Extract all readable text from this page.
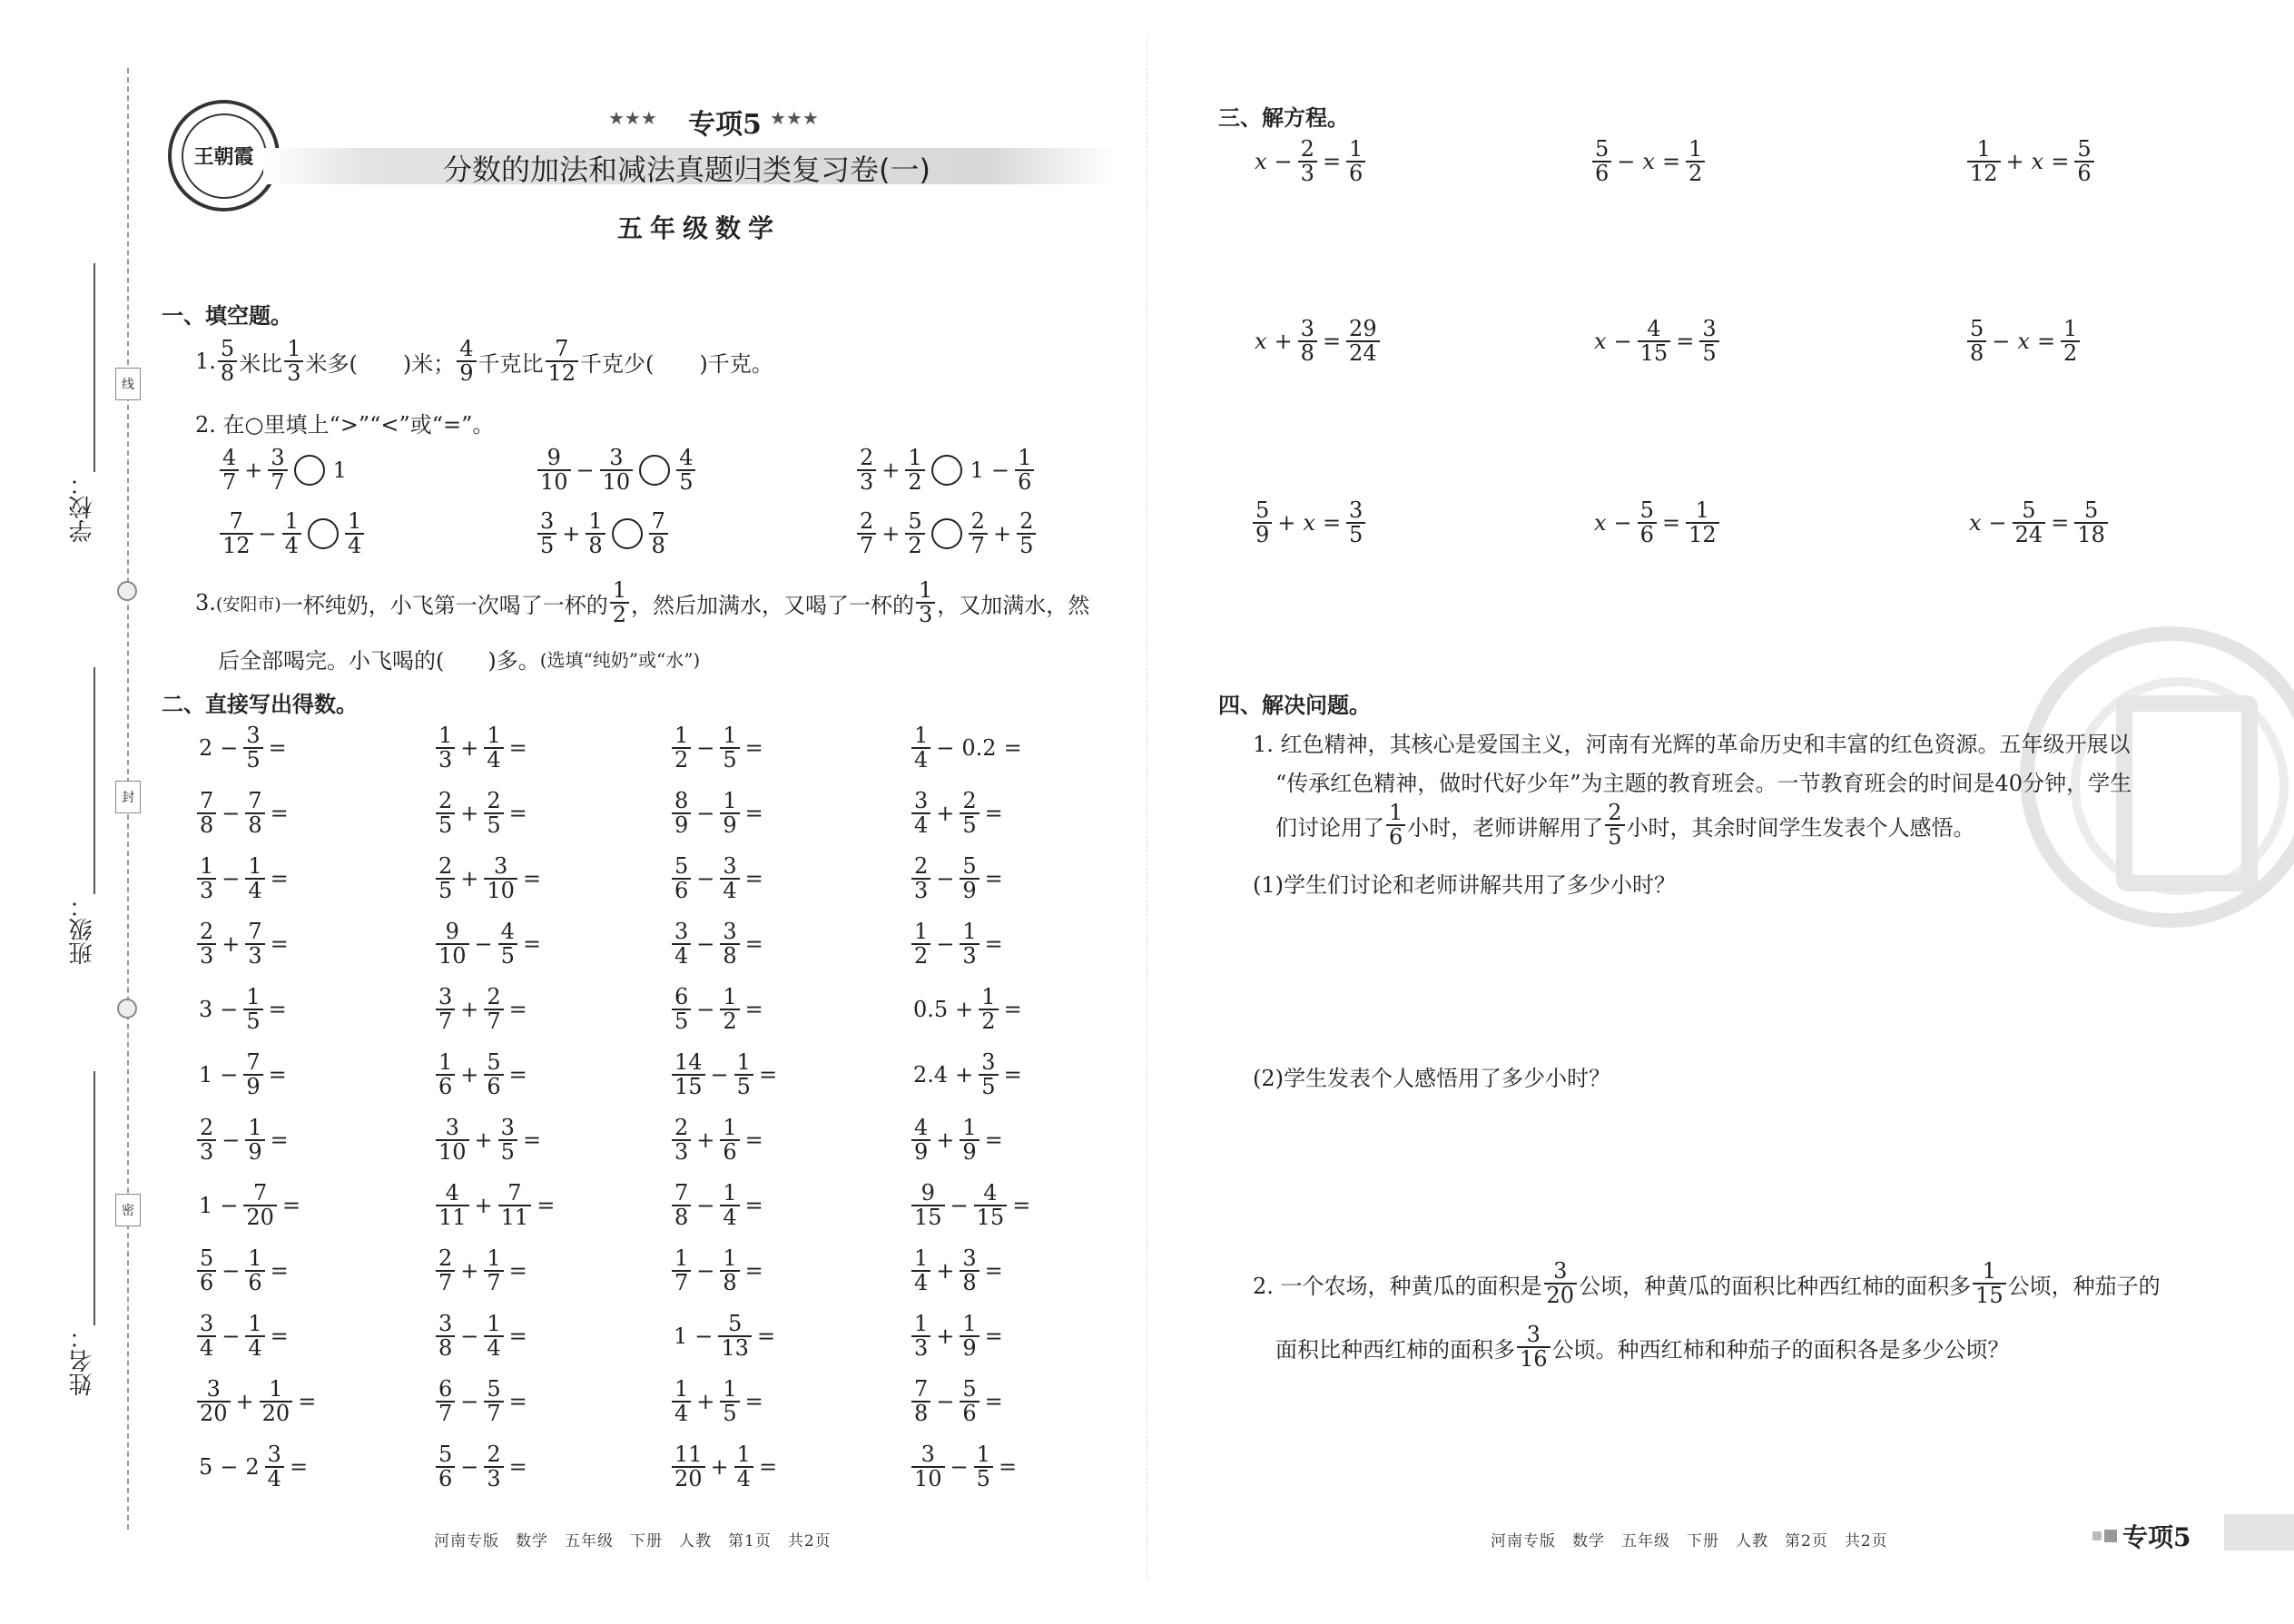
学校：
班级：
姓名：
线
封
密
王朝霞
★★★ 专项5 ★★★
分数的加法和减法真题归类复习卷(一)
五年级数学
一、填空题。
1. $\frac{5}{8}$ 米比 $\frac{1}{3}$ 米多( )米； $\frac{4}{9}$ 千克比 $\frac{7}{12}$ 千克少( )千克。
2. 在○里填上“>”“<”或“=”。
$\frac{4}{7} + \frac{3}{7} 1$	$\frac{9}{10} - \frac{3}{10} \frac{4}{5}$	$\frac{2}{3} + \frac{1}{2} 1 - \frac{1}{6}$
$\frac{7}{12} - \frac{1}{4} \frac{1}{4}$	$\frac{3}{5} + \frac{1}{8} \frac{7}{8}$	$\frac{2}{7} + \frac{5}{2} \frac{2}{7} + \frac{2}{5}$
3. (安阳市) 一杯纯奶，小飞第一次喝了一杯的 $\frac{1}{2}$ ，然后加满水，又喝了一杯的 $\frac{1}{3}$ ，又加满水，然
后全部喝完。小飞喝的(　　)多。 (选填“纯奶”或“水”)
二、直接写出得数。
$2 - \frac{3}{5}$ =	$\frac{1}{3} + \frac{1}{4}$ =	$\frac{1}{2} - \frac{1}{5}$ =	$\frac{1}{4} - 0.2$ =
$\frac{7}{8} - \frac{7}{8}$ =	$\frac{2}{5} + \frac{2}{5}$ =	$\frac{8}{9} - \frac{1}{9}$ =	$\frac{3}{4} + \frac{2}{5}$ =
$\frac{1}{3} - \frac{1}{4}$ =	$\frac{2}{5} + \frac{3}{10}$ =	$\frac{5}{6} - \frac{3}{4}$ =	$\frac{2}{3} - \frac{5}{9}$ =
$\frac{2}{3} + \frac{7}{3}$ =	$\frac{9}{10} - \frac{4}{5}$ =	$\frac{3}{4} - \frac{3}{8}$ =	$\frac{1}{2} - \frac{1}{3}$ =
$3 - \frac{1}{5}$ =	$\frac{3}{7} + \frac{2}{7}$ =	$\frac{6}{5} - \frac{1}{2}$ =	$0.5 + \frac{1}{2}$ =
$1 - \frac{7}{9}$ =	$\frac{1}{6} + \frac{5}{6}$ =	$\frac{14}{15} - \frac{1}{5}$ =	$2.4 + \frac{3}{5}$ =
$\frac{2}{3} - \frac{1}{9}$ =	$\frac{3}{10} + \frac{3}{5}$ =	$\frac{2}{3} + \frac{1}{6}$ =	$\frac{4}{9} + \frac{1}{9}$ =
$1 - \frac{7}{20}$ =	$\frac{4}{11} + \frac{7}{11}$ =	$\frac{7}{8} - \frac{1}{4}$ =	$\frac{9}{15} - \frac{4}{15}$ =
$\frac{5}{6} - \frac{1}{6}$ =	$\frac{2}{7} + \frac{1}{7}$ =	$\frac{1}{7} - \frac{1}{8}$ =	$\frac{1}{4} + \frac{3}{8}$ =
$\frac{3}{4} - \frac{1}{4}$ =	$\frac{3}{8} - \frac{1}{4}$ =	$1 - \frac{5}{13}$ =	$\frac{1}{3} + \frac{1}{9}$ =
$\frac{3}{20} + \frac{1}{20}$ =	$\frac{6}{7} - \frac{5}{7}$ =	$\frac{1}{4} + \frac{1}{5}$ =	$\frac{7}{8} - \frac{5}{6}$ =
$5 - 2 \frac{3}{4}$ =	$\frac{5}{6} - \frac{2}{3}$ =	$\frac{11}{20} + \frac{1}{4}$ =	$\frac{3}{10} - \frac{1}{5}$ =
三、解方程。
$x - \frac{2}{3} = \frac{1}{6}$	$\frac{5}{6} - x = \frac{1}{2}$	$\frac{1}{12} + x = \frac{5}{6}$
$x + \frac{3}{8} = \frac{29}{24}$	$x - \frac{4}{15} = \frac{3}{5}$	$\frac{5}{8} - x = \frac{1}{2}$
$\frac{5}{9} + x = \frac{3}{5}$	$x - \frac{5}{6} = \frac{1}{12}$	$x - \frac{5}{24} = \frac{5}{18}$
四、解决问题。
1. 红色精神，其核心是爱国主义，河南有光辉的革命历史和丰富的红色资源。五年级开展以
“传承红色精神，做时代好少年”为主题的教育班会。一节教育班会的时间是40分钟，学生
们讨论用了 $\frac{1}{6}$ 小时，老师讲解用了 $\frac{2}{5}$ 小时，其余时间学生发表个人感悟。
(1)学生们讨论和老师讲解共用了多少小时？
(2)学生发表个人感悟用了多少小时？
2. 一个农场，种黄瓜的面积是 $\frac{3}{20}$ 公顷，种黄瓜的面积比种西红柿的面积多 $\frac{1}{15}$ 公顷，种茄子的
面积比种西红柿的面积多 $\frac{3}{16}$ 公顷。种西红柿和种茄子的面积各是多少公顷？
河南专版　数学　五年级　下册　人教　第1页　共2页	河南专版　数学　五年级　下册　人教　第2页　共2页	专项5
